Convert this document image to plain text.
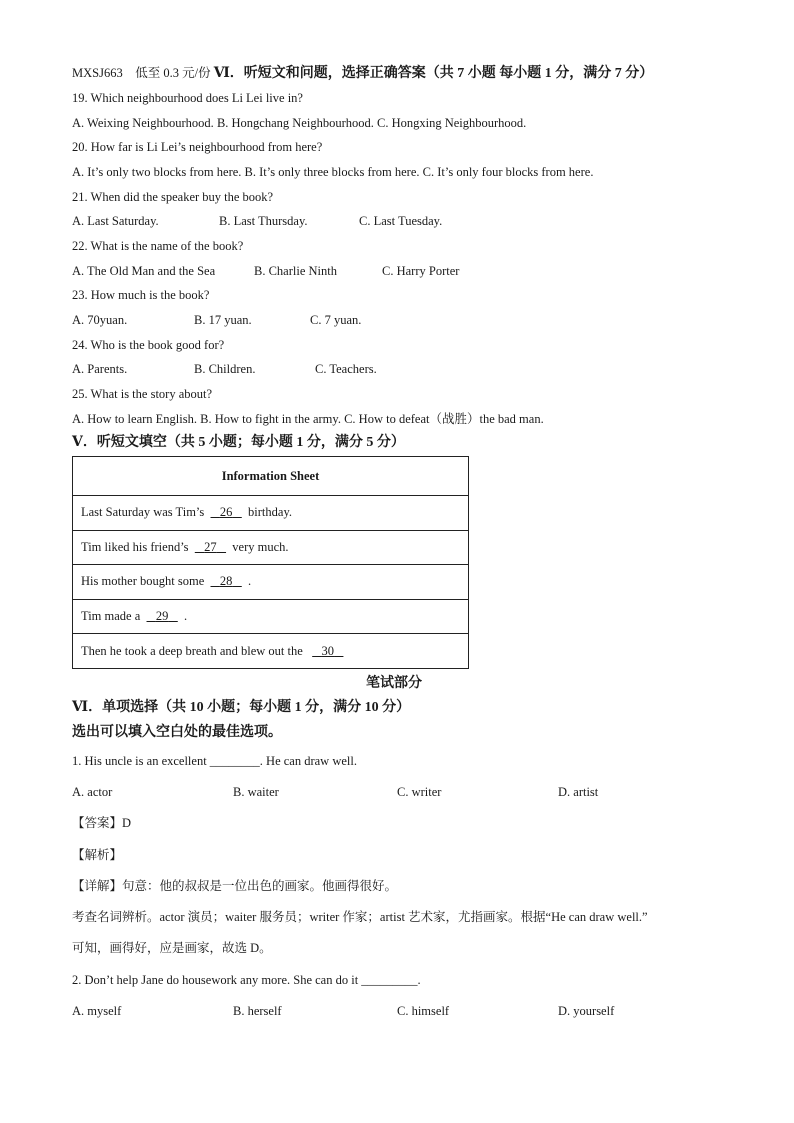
MXSJ663 低至 0.3 元/份 Ⅵ．听短文和问题，选择正确答案（共 7 小题 每小题 1 分，满分 7 分）
19. Which neighbourhood does Li Lei live in?
A. Weixing Neighbourhood. B. Hongchang Neighbourhood. C. Hongxing Neighbourhood.
20. How far is Li Lei’s neighbourhood from here?
A. It’s only two blocks from here. B. It’s only three blocks from here. C. It’s only four blocks from here.
21. When did the speaker buy the book?
A. Last Saturday.	B. Last Thursday.	C. Last Tuesday.
22. What is the name of the book?
A. The Old Man and the Sea	B. Charlie Ninth	C. Harry Porter
23. How much is the book?
A. 70yuan.	B. 17 yuan.	C. 7 yuan.
24. Who is the book good for?
A. Parents.	B. Children.	C. Teachers.
25. What is the story about?
A. How to learn English. B. How to fight in the army. C. How to defeat（战胜）the bad man.
Ⅴ．听短文填空（共 5 小题；每小题 1 分，满分 5 分）
Information Sheet
Last Saturday was Tim’s 26 birthday.
Tim liked his friend’s 27 very much.
His mother bought some 28 .
Tim made a 29 .
Then he took a deep breath and blew out the 30
笔试部分
Ⅵ．单项选择（共 10 小题；每小题 1 分，满分 10 分）
选出可以填入空白处的最佳选项。
1. His uncle is an excellent ________. He can draw well.
A. actor	B. waiter	C. writer	D. artist
【答案】D
【解析】
【详解】句意：他的叔叔是一位出色的画家。他画得很好。
考查名词辨析。actor 演员；waiter 服务员；writer 作家；artist 艺术家，尤指画家。根据“He can draw well.”
可知，画得好，应是画家，故选 D。
2. Don’t help Jane do housework any more. She can do it _________.
A. myself	B. herself	C. himself	D. yourself
